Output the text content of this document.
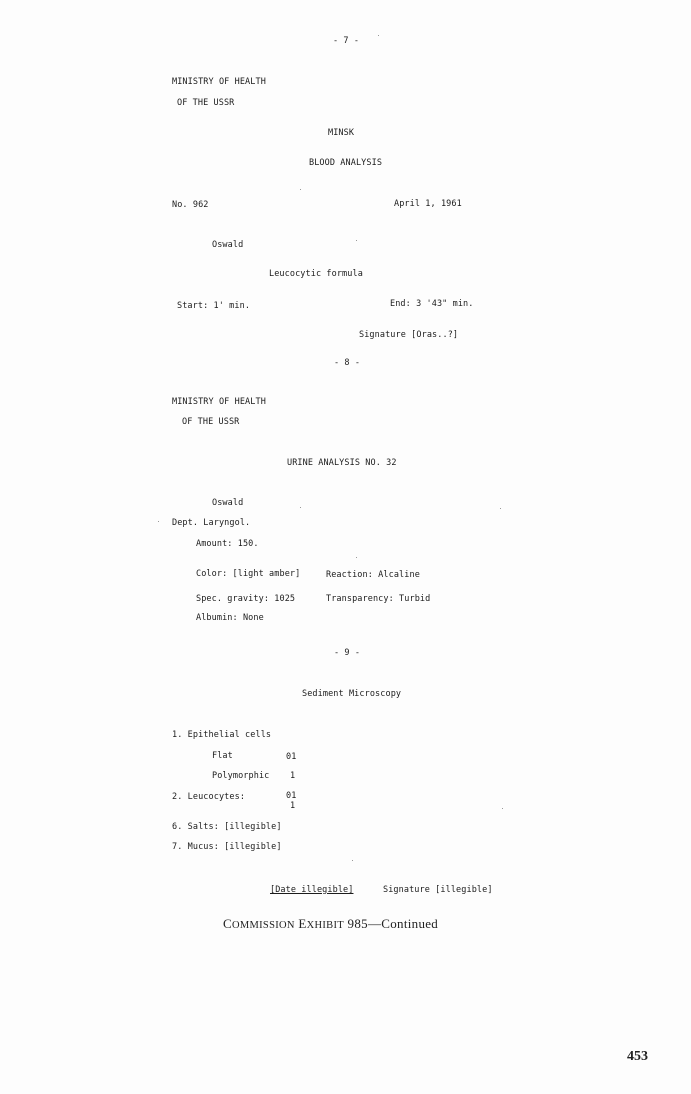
- 7 -
MINISTRY OF HEALTH
OF THE USSR
MINSK
BLOOD ANALYSIS
No. 962	April 1, 1961
Oswald
Leucocytic formula
Start: 1' min.	End: 3 '43" min.
Signature [Oras..?]
- 8 -
MINISTRY OF HEALTH
OF THE USSR
URINE ANALYSIS NO. 32
Oswald
Dept. Laryngol.
Amount: 150.
Color: [light amber]	Reaction: Alcaline
Spec. gravity: 1025	Transparency: Turbid
Albumin: None
- 9 -
Sediment Microscopy
1. Epithelial cells
Flat	01
Polymorphic 1
2. Leucocytes:	01
1
6. Salts: [illegible]
7. Mucus: [illegible]
[Date illegible]	Signature [illegible]
COMMISSION EXHIBIT 985—Continued
453
